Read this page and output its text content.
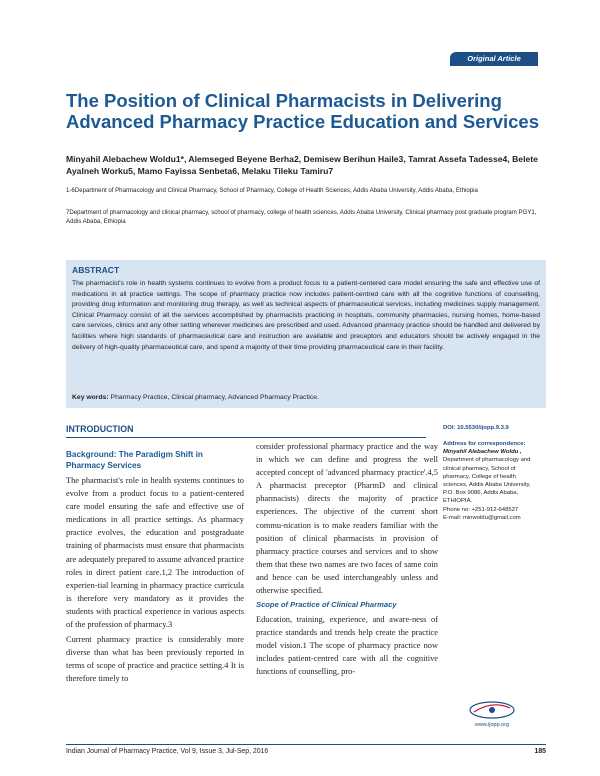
Original Article
The Position of Clinical Pharmacists in Delivering Advanced Pharmacy Practice Education and Services
Minyahil Alebachew Woldu1*, Alemseged Beyene Berha2, Demisew Berihun Haile3, Tamrat Assefa Tadesse4, Belete Ayalneh Worku5, Mamo Fayissa Senbeta6, Melaku Tileku Tamiru7
1-6Department of Pharmacology and Clinical Pharmacy, School of Pharmacy, College of Health Sciences, Addis Ababa University, Addis Ababa, Ethiopia
7Department of pharmacology and clinical pharmacy, school of pharmacy, college of health sciences, Addis Ababa University, Clinical pharmacy post graduate program PGY1, Addis Ababa, Ethiopia
ABSTRACT
The pharmacist's role in health systems continues to evolve from a product focus to a patient-centered care model ensuring the safe and effective use of medications in all practice settings. The scope of pharmacy practice now includes patient-centred care with all the cognitive functions of counselling, providing drug information and monitoring drug therapy, as well as technical aspects of pharmaceutical services, including medicines supply management. Clinical Pharmacy consist of all the services accomplished by pharmacists practicing in hospitals, community pharmacies, nursing homes, home-based care services, clinics and any other setting wherever medicines are prescribed and used. Advanced pharmacy practice should be handled and delivered by facilities where high standards of pharmaceutical care and instruction are available and preceptors and educators should be actively engaged in the delivery of high-quality pharmaceutical care, and spend a majority of their time providing pharmaceutical care in their facility.
Key words: Pharmacy Practice, Clinical pharmacy, Advanced Pharmacy Practice.
INTRODUCTION
Background: The Paradigm Shift in Pharmacy Services

The pharmacist's role in health systems continues to evolve from a product focus to a patient-centered care model ensuring the safe and effective use of medications in all practice settings. As pharmacy practice evolves, the education and postgraduate training of pharmacists must ensure that pharmacists are adequately prepared to assume advanced practice roles in direct patient care.1,2 The introduction of experien-tial learning in pharmacy practice curricula is therefore very mandatory as it provides the students with practical experience in various aspects of the profession of pharmacy.3

Current pharmacy practice is considerably more diverse than what has been previously reported in terms of scope of practice and practice setting.4 It is therefore timely to

consider professional pharmacy practice and the way in which we can define and progress the well accepted concept of 'advanced pharmacy practice'.4,5 A pharmacist preceptor (PharmD and clinical pharmacists) directs the majority of practice experiences. The objective of the current short commu-nication is to make readers familiar with the position of clinical pharmacists in provision of pharmacy practice courses and services and to show them that these two names are two faces of same coin and hence can be used interchangeably unless and otherwise specified.

Scope of Practice of Clinical Pharmacy

Education, training, experience, and aware-ness of practice standards and trends help create the practice model vision.1 The scope of pharmacy practice now includes patient-centred care with all the cognitive functions of counselling, pro-

DOI: 10.5530/ijopp.9.3.9
Address for correspondence:
Minyahil Alebachew Woldu ,
Department of pharmacology and clinical pharmacy, School of pharmacy, College of health sciences, Addis Ababa University, P.O. Box 9086, Addis Ababa, ETHIOPIA.
Phone no: +251-912-648527
E-mail: minwoldu@gmail.com
www.ijopp.org
Indian Journal of Pharmacy Practice, Vol 9, Issue 3, Jul-Sep, 2016	185
